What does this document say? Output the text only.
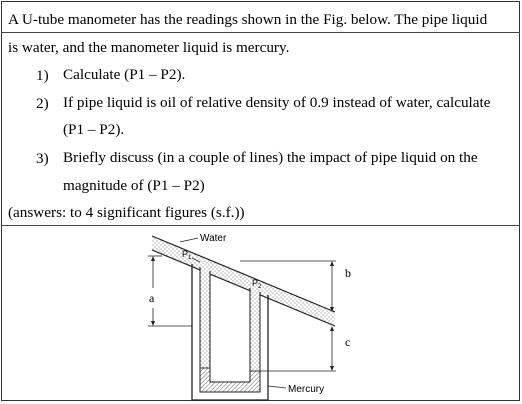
A U-tube manometer has the readings shown in the Fig. below. The pipe liquid
is water, and the manometer liquid is mercury.
1) Calculate (P1 – P2).
2) If pipe liquid is oil of relative density of 0.9 instead of water, calculate
(P1 – P2).
3) Briefly discuss (in a couple of lines) the impact of pipe liquid on the
magnitude of (P1 – P2)
(answers: to 4 significant figures (s.f.))
Water
$P_1$
$P_2$
a
b
c
Mercury
